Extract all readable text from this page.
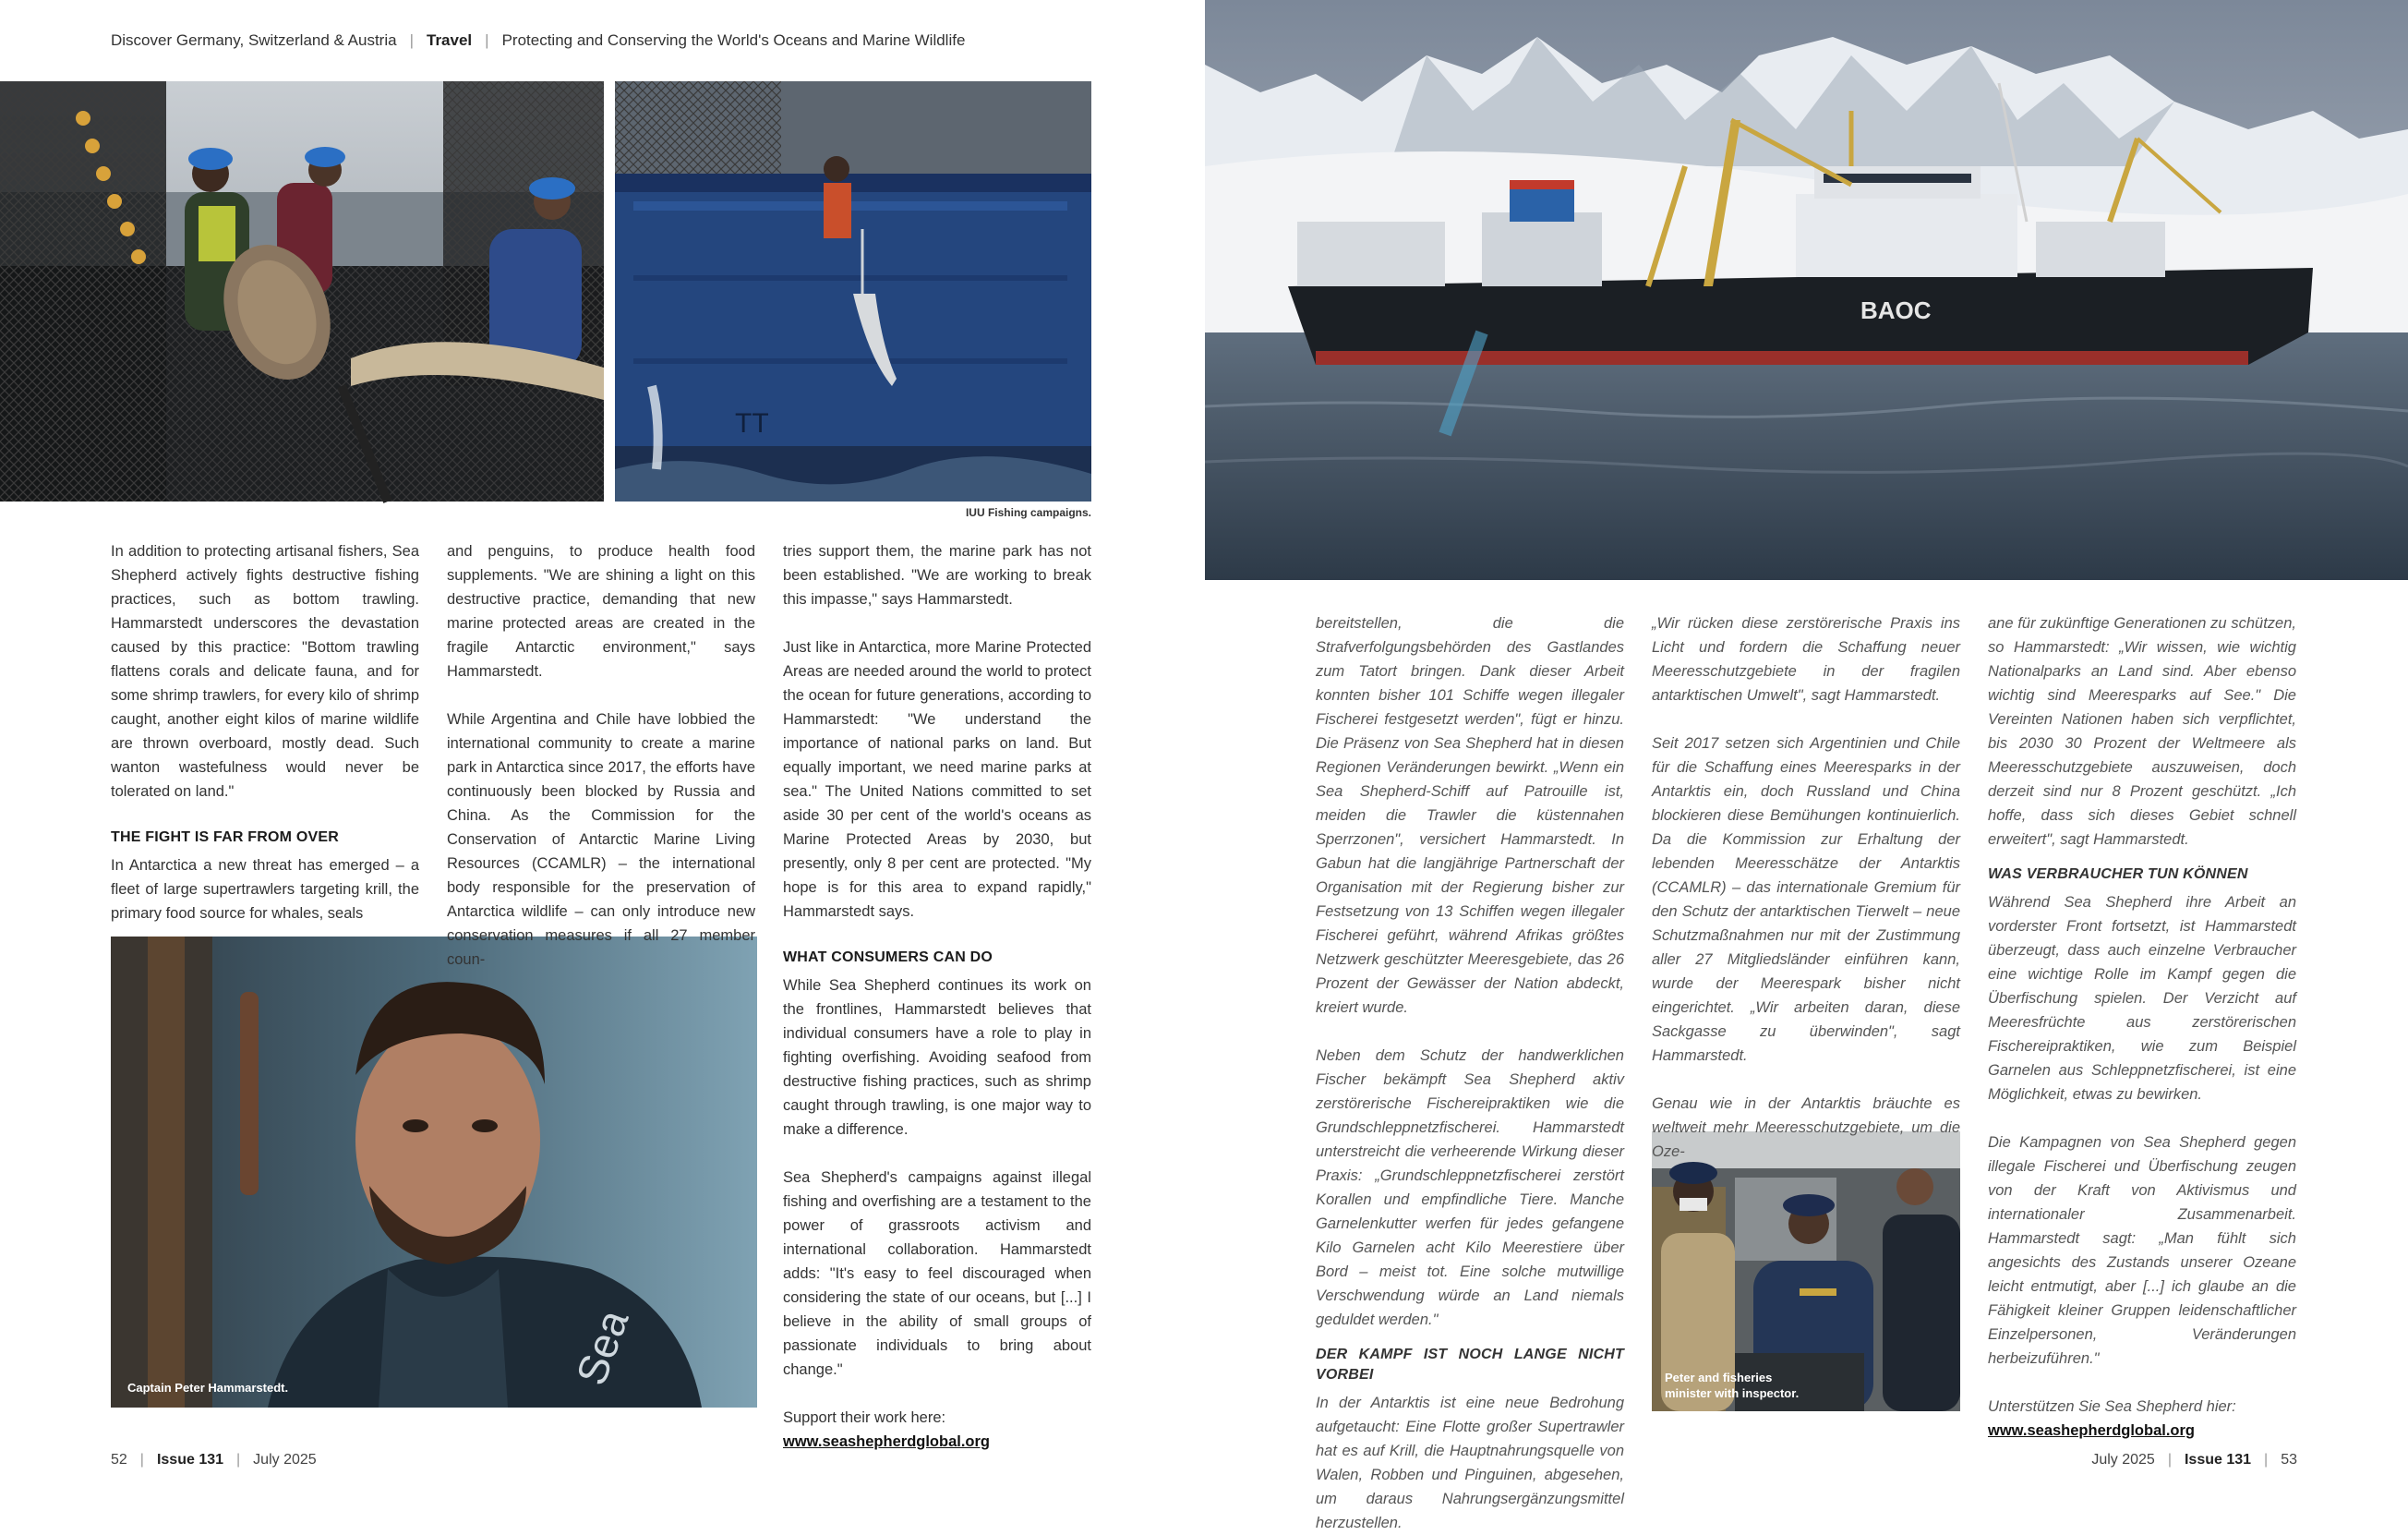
Discover Germany, Switzerland & Austria | Travel | Protecting and Conserving the World's Oceans and Marine Wildlife
TT
IUU Fishing campaigns.
Sea
Captain Peter Hammarstedt.
BAOC
Peter and fisheries minister with inspector.

In addition to protecting artisanal fishers, Sea Shepherd actively fights destructive fishing practices, such as bottom trawling. Hammarstedt underscores the devastation caused by this practice: "Bottom trawling flattens corals and delicate fauna, and for some shrimp trawlers, for every kilo of shrimp caught, another eight kilos of marine wildlife are thrown overboard, mostly dead. Such wanton wastefulness would never be tolerated on land."

THE FIGHT IS FAR FROM OVER

In Antarctica a new threat has emerged – a fleet of large supertrawlers targeting krill, the primary food source for whales, seals

and penguins, to produce health food supplements. "We are shining a light on this destructive practice, demanding that new marine protected areas are created in the fragile Antarctic environment," says Hammarstedt.

While Argentina and Chile have lobbied the international community to create a marine park in Antarctica since 2017, the efforts have continuously been blocked by Russia and China. As the Commission for the Conservation of Antarctic Marine Living Resources (CCAMLR) – the international body responsible for the preservation of Antarctica wildlife – can only introduce new conservation measures if all 27 member coun-

tries support them, the marine park has not been established. "We are working to break this impasse," says Hammarstedt.

Just like in Antarctica, more Marine Protected Areas are needed around the world to protect the ocean for future generations, according to Hammarstedt: "We understand the importance of national parks on land. But equally important, we need marine parks at sea." The United Nations committed to set aside 30 per cent of the world's oceans as Marine Protected Areas by 2030, but presently, only 8 per cent are protected. "My hope is for this area to expand rapidly," Hammarstedt says.

WHAT CONSUMERS CAN DO

While Sea Shepherd continues its work on the frontlines, Hammarstedt believes that individual consumers have a role to play in fighting overfishing. Avoiding seafood from destructive fishing practices, such as shrimp caught through trawling, is one major way to make a difference.

Sea Shepherd's campaigns against illegal fishing and overfishing are a testament to the power of grassroots activism and international collaboration. Hammarstedt adds: "It's easy to feel discouraged when considering the state of our oceans, but [...] I believe in the ability of small groups of passionate individuals to bring about change."

Support their work here:

www.seashepherdglobal.org

bereitstellen, die die Strafverfolgungsbehörden des Gastlandes zum Tatort bringen. Dank dieser Arbeit konnten bisher 101 Schiffe wegen illegaler Fischerei festgesetzt werden", fügt er hinzu. Die Präsenz von Sea Shepherd hat in diesen Regionen Veränderungen bewirkt. „Wenn ein Sea Shepherd-Schiff auf Patrouille ist, meiden die Trawler die küstennahen Sperrzonen", versichert Hammarstedt. In Gabun hat die langjährige Partnerschaft der Organisation mit der Regierung bisher zur Festsetzung von 13 Schiffen wegen illegaler Fischerei geführt, während Afrikas größtes Netzwerk geschützter Meeresgebiete, das 26 Prozent der Gewässer der Nation abdeckt, kreiert wurde.

Neben dem Schutz der handwerklichen Fischer bekämpft Sea Shepherd aktiv zerstörerische Fischereipraktiken wie die Grundschleppnetzfischerei. Hammarstedt unterstreicht die verheerende Wirkung dieser Praxis: „Grundschleppnetzfischerei zerstört Korallen und empfindliche Tiere. Manche Garnelenkutter werfen für jedes gefangene Kilo Garnelen acht Kilo Meerestiere über Bord – meist tot. Eine solche mutwillige Verschwendung würde an Land niemals geduldet werden."

DER KAMPF IST NOCH LANGE NICHT VORBEI

In der Antarktis ist eine neue Bedrohung aufgetaucht: Eine Flotte großer Supertrawler hat es auf Krill, die Hauptnahrungsquelle von Walen, Robben und Pinguinen, abgesehen, um daraus Nahrungsergänzungsmittel herzustellen.

„Wir rücken diese zerstörerische Praxis ins Licht und fordern die Schaffung neuer Meeresschutzgebiete in der fragilen antarktischen Umwelt", sagt Hammarstedt.

Seit 2017 setzen sich Argentinien und Chile für die Schaffung eines Meeresparks in der Antarktis ein, doch Russland und China blockieren diese Bemühungen kontinuierlich. Da die Kommission zur Erhaltung der lebenden Meeresschätze der Antarktis (CCAMLR) – das internationale Gremium für den Schutz der antarktischen Tierwelt – neue Schutzmaßnahmen nur mit der Zustimmung aller 27 Mitgliedsländer einführen kann, wurde der Meerespark bisher nicht eingerichtet. „Wir arbeiten daran, diese Sackgasse zu überwinden", sagt Hammarstedt.

Genau wie in der Antarktis bräuchte es weltweit mehr Meeresschutzgebiete, um die Oze-

ane für zukünftige Generationen zu schützen, so Hammarstedt: „Wir wissen, wie wichtig Nationalparks an Land sind. Aber ebenso wichtig sind Meeresparks auf See." Die Vereinten Nationen haben sich verpflichtet, bis 2030 30 Prozent der Weltmeere als Meeresschutzgebiete auszuweisen, doch derzeit sind nur 8 Prozent geschützt. „Ich hoffe, dass sich dieses Gebiet schnell erweitert", sagt Hammarstedt.

WAS VERBRAUCHER TUN KÖNNEN

Während Sea Shepherd ihre Arbeit an vorderster Front fortsetzt, ist Hammarstedt überzeugt, dass auch einzelne Verbraucher eine wichtige Rolle im Kampf gegen die Überfischung spielen. Der Verzicht auf Meeresfrüchte aus zerstörerischen Fischereipraktiken, wie zum Beispiel Garnelen aus Schleppnetzfischerei, ist eine Möglichkeit, etwas zu bewirken.

Die Kampagnen von Sea Shepherd gegen illegale Fischerei und Überfischung zeugen von der Kraft von Aktivismus und internationaler Zusammenarbeit. Hammarstedt sagt: „Man fühlt sich angesichts des Zustands unserer Ozeane leicht entmutigt, aber [...] ich glaube an die Fähigkeit kleiner Gruppen leidenschaftlicher Einzelpersonen, Veränderungen herbeizuführen."

Unterstützen Sie Sea Shepherd hier:

www.seashepherdglobal.org
52 | Issue 131 | July 2025	July 2025 | Issue 131 | 53
